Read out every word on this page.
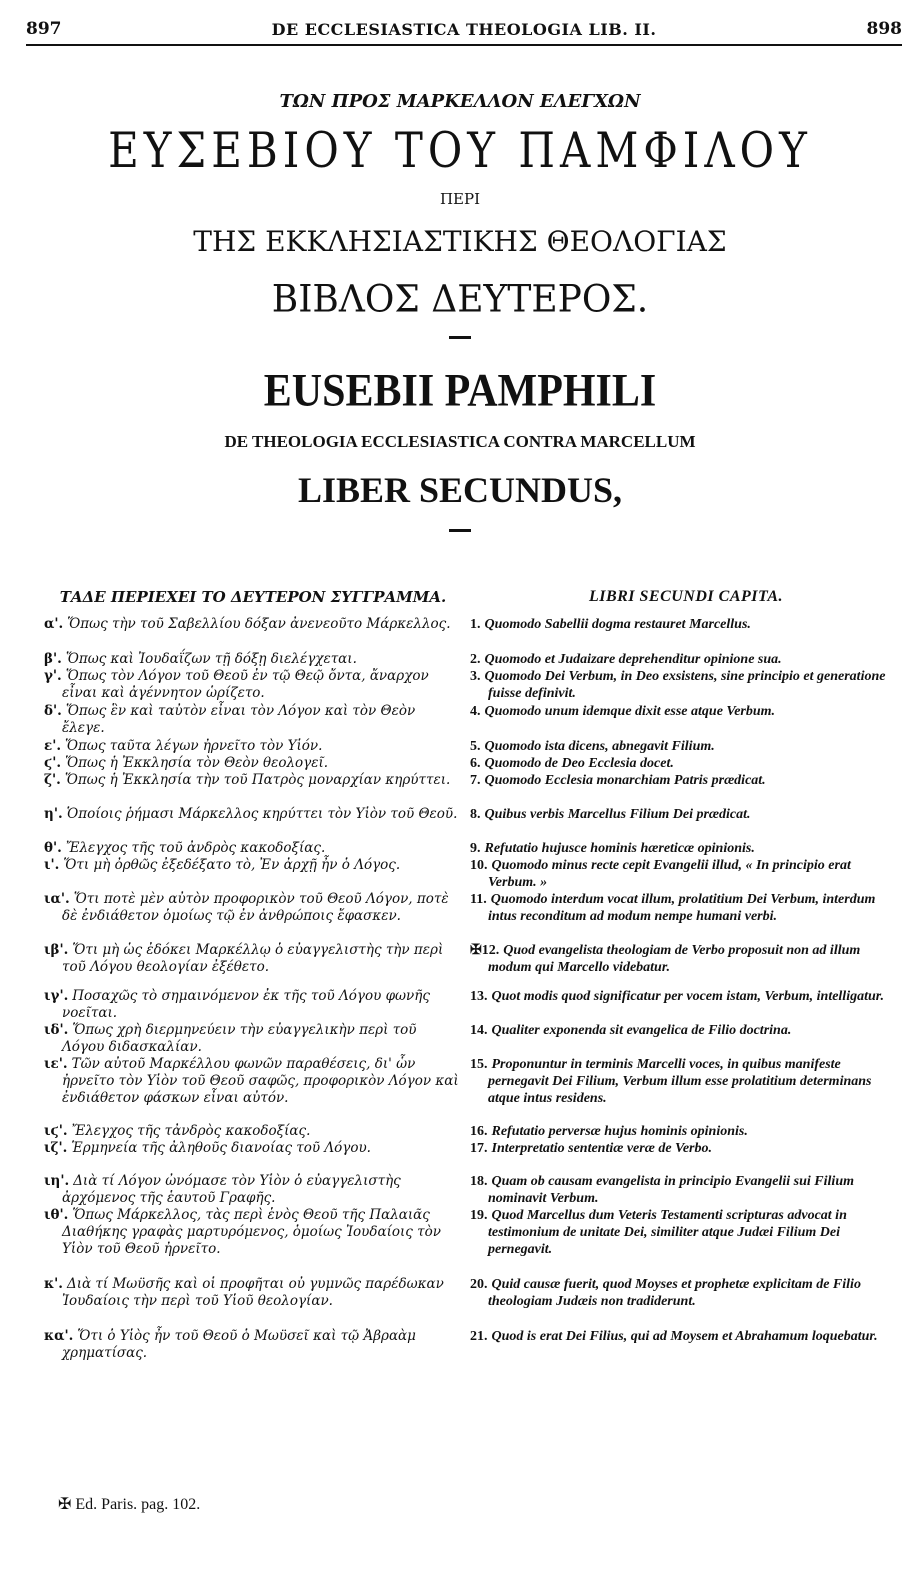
897	DE ECCLESIASTICA THEOLOGIA LIB. II.	898

ΤΩΝ ΠΡΟΣ ΜΑΡΚΕΛΛΟΝ ΕΛΕΓΧΩΝ

ΕΥΣΕΒΙΟΥ ΤΟΥ ΠΑΜΦΙΛΟΥ

ΠΕΡΙ

ΤΗΣ ΕΚΚΛΗΣΙΑΣΤΙΚΗΣ ΘΕΟΛΟΓΙΑΣ

ΒΙΒΛΟΣ ΔΕΥΤΕΡΟΣ.

EUSEBII PAMPHILI

DE THEOLOGIA ECCLESIASTICA CONTRA MARCELLUM

LIBER SECUNDUS,

ΤΑΔΕ ΠΕΡΙΕΧΕΙ ΤΟ ΔΕΥΤΕΡΟΝ ΣΥΓΓΡΑΜΜΑ.

α'. Ὅπως τὴν τοῦ Σαβελλίου δόξαν ἀνενεοῦτο Μάρκελλος.

β'. Ὅπως καὶ Ἰουδαΐζων τῇ δόξῃ διελέγχεται.

γ'. Ὅπως τὸν Λόγον τοῦ Θεοῦ ἐν τῷ Θεῷ ὄντα, ἄναρχον εἶναι καὶ ἀγέννητον ὡρίζετο.

δ'. Ὅπως ἓν καὶ ταὐτὸν εἶναι τὸν Λόγον καὶ τὸν Θεὸν ἔλεγε.

ε'. Ὅπως ταῦτα λέγων ἠρνεῖτο τὸν Υἱόν.

ϛ'. Ὅπως ἡ Ἐκκλησία τὸν Θεὸν θεολογεῖ.

ζ'. Ὅπως ἡ Ἐκκλησία τὴν τοῦ Πατρὸς μοναρχίαν κηρύττει.

η'. Ὁποίοις ῥήμασι Μάρκελλος κηρύττει τὸν Υἱὸν τοῦ Θεοῦ.

θ'. Ἔλεγχος τῆς τοῦ ἀνδρὸς κακοδοξίας.

ι'. Ὅτι μὴ ὀρθῶς ἐξεδέξατο τὸ, Ἐν ἀρχῇ ἦν ὁ Λόγος.

ια'. Ὅτι ποτὲ μὲν αὐτὸν προφορικὸν τοῦ Θεοῦ Λόγον, ποτὲ δὲ ἐνδιάθετον ὁμοίως τῷ ἐν ἀνθρώποις ἔφασκεν.

ιβ'. Ὅτι μὴ ὡς ἐδόκει Μαρκέλλῳ ὁ εὐαγγελιστὴς τὴν περὶ τοῦ Λόγου θεολογίαν ἐξέθετο.

ιγ'. Ποσαχῶς τὸ σημαινόμενον ἐκ τῆς τοῦ Λόγου φωνῆς νοεῖται.

ιδ'. Ὅπως χρὴ διερμηνεύειν τὴν εὐαγγελικὴν περὶ τοῦ Λόγου διδασκαλίαν.

ιε'. Τῶν αὐτοῦ Μαρκέλλου φωνῶν παραθέσεις, δι' ὧν ἠρνεῖτο τὸν Υἱὸν τοῦ Θεοῦ σαφῶς, προφορικὸν Λόγον καὶ ἐνδιάθετον φάσκων εἶναι αὐτόν.

ιϛ'. Ἔλεγχος τῆς τἀνδρὸς κακοδοξίας.

ιζ'. Ἑρμηνεία τῆς ἀληθοῦς διανοίας τοῦ Λόγου.

ιη'. Διὰ τί Λόγον ὠνόμασε τὸν Υἱὸν ὁ εὐαγγελιστὴς ἀρχόμενος τῆς ἑαυτοῦ Γραφῆς.

ιθ'. Ὅπως Μάρκελλος, τὰς περὶ ἑνὸς Θεοῦ τῆς Παλαιᾶς Διαθήκης γραφὰς μαρτυρόμενος, ὁμοίως Ἰουδαίοις τὸν Υἱὸν τοῦ Θεοῦ ἠρνεῖτο.

κ'. Διὰ τί Μωϋσῆς καὶ οἱ προφῆται οὐ γυμνῶς παρέδωκαν Ἰουδαίοις τὴν περὶ τοῦ Υἱοῦ θεολογίαν.

κα'. Ὅτι ὁ Υἱὸς ἦν τοῦ Θεοῦ ὁ Μωϋσεῖ καὶ τῷ Ἀβραὰμ χρηματίσας.

LIBRI SECUNDI CAPITA.

1. Quomodo Sabellii dogma restauret Marcellus.

2. Quomodo et Judaizare deprehenditur opinione sua.

3. Quomodo Dei Verbum, in Deo exsistens, sine principio et generatione fuisse definivit.

4. Quomodo unum idemque dixit esse atque Verbum.

5. Quomodo ista dicens, abnegavit Filium.

6. Quomodo de Deo Ecclesia docet.

7. Quomodo Ecclesia monarchiam Patris prædicat.

8. Quibus verbis Marcellus Filium Dei prædicat.

9. Refutatio hujusce hominis hæreticæ opinionis.

10. Quomodo minus recte cepit Evangelii illud, « In principio erat Verbum. »

11. Quomodo interdum vocat illum, prolatitium Dei Verbum, interdum intus reconditum ad modum nempe humani verbi.

✠12. Quod evangelista theologiam de Verbo proposuit non ad illum modum qui Marcello videbatur.

13. Quot modis quod significatur per vocem istam, Verbum, intelligatur.

14. Qualiter exponenda sit evangelica de Filio doctrina.

15. Proponuntur in terminis Marcelli voces, in quibus manifeste pernegavit Dei Filium, Verbum illum esse prolatitium determinans atque intus residens.

16. Refutatio perversæ hujus hominis opinionis.

17. Interpretatio sententiæ veræ de Verbo.

18. Quam ob causam evangelista in principio Evangelii sui Filium nominavit Verbum.

19. Quod Marcellus dum Veteris Testamenti scripturas advocat in testimonium de unitate Dei, similiter atque Judæi Filium Dei pernegavit.

20. Quid causæ fuerit, quod Moyses et prophetæ explicitam de Filio theologiam Judæis non tradiderunt.

21. Quod is erat Dei Filius, qui ad Moysem et Abrahamum loquebatur.

✠ Ed. Paris. pag. 102.
